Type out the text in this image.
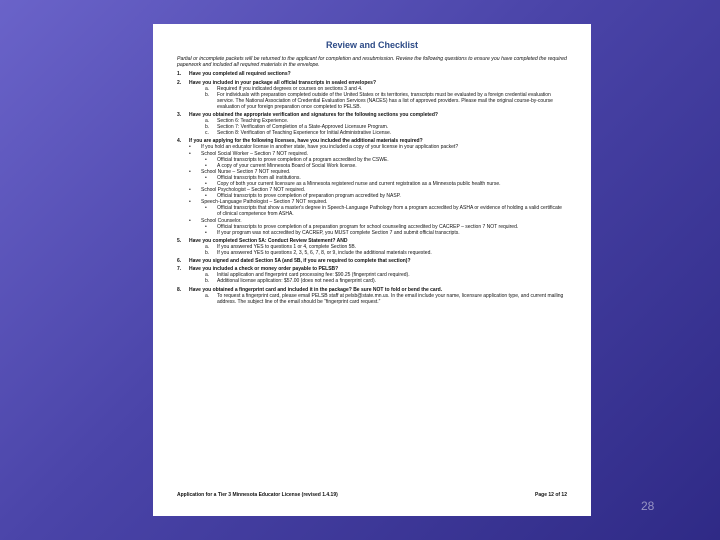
Review and Checklist
Partial or incomplete packets will be returned to the applicant for completion and resubmission. Review the following questions to ensure you have completed the required paperwork and included all required materials in the envelope.
1.	Have you completed all required sections?
2.	Have you included in your package all official transcripts in sealed envelopes?
a.	Required if you indicated degrees or courses on sections 3 and 4.
b.	For individuals with preparation completed outside of the United States or its territories, transcripts must be evaluated by a foreign credential evaluation service. The National Association of Credential Evaluation Services (NACES) has a list of approved providers. Please mail the original course-by-course evaluation of your foreign preparation once completed to PELSB.
3.	Have you obtained the appropriate verification and signatures for the following sections you completed?
a.	Section 6: Teaching Experience.
b.	Section 7: Verification of Completion of a State-Approved Licensure Program.
c.	Section 8: Verification of Teaching Experience for Initial Administrative License.
4.	If you are applying for the following licenses, have you included the additional materials required?
•	If you hold an educator license in another state, have you included a copy of your license in your application packet?
•	School Social Worker – Section 7 NOT required.
•	Official transcripts to prove completion of a program accredited by the CSWE.
•	A copy of your current Minnesota Board of Social Work license.
•	School Nurse – Section 7 NOT required.
•	Official transcripts from all institutions.
•	Copy of both your current licensure as a Minnesota registered nurse and current registration as a Minnesota public health nurse.
•	School Psychologist – Section 7 NOT required.
•	Official transcripts to prove completion of preparation program accredited by NASP.
•	Speech-Language Pathologist – Section 7 NOT required.
•	Official transcripts that show a master's degree in Speech-Language Pathology from a program accredited by ASHA or evidence of holding a valid certificate of clinical competence from ASHA.
•	School Counselor.
•	Official transcripts to prove completion of a preparation program for school counseling accredited by CACREP – section 7 NOT required.
•	If your program was not accredited by CACREP, you MUST complete Section 7 and submit official transcripts.
5.	Have you completed Section 5A: Conduct Review Statement? AND
a.	If you answered YES to questions 1 or 4, complete Section 5B.
b.	If you answered YES to questions 2, 3, 5, 6, 7, 8, or 9, include the additional materials requested.
6.	Have you signed and dated Section 5A (and 5B, if you are required to complete that section)?
7.	Have you included a check or money order payable to PELSB?
a.	Initial application and fingerprint card processing fee: $90.25 (fingerprint card required).
b.	Additional license application: $57.00 (does not need a fingerprint card).
8.	Have you obtained a fingerprint card and included it in the package? Be sure NOT to fold or bend the card.
a.	To request a fingerprint card, please email PELSB staff at pelsb@state.mn.us. In the email include your name, licensure application type, and current mailing address. The subject line of the email should be “fingerprint card request.”
Application for a Tier 3 Minnesota Educator License (revised 1.4.19)	Page 12 of 12
28
